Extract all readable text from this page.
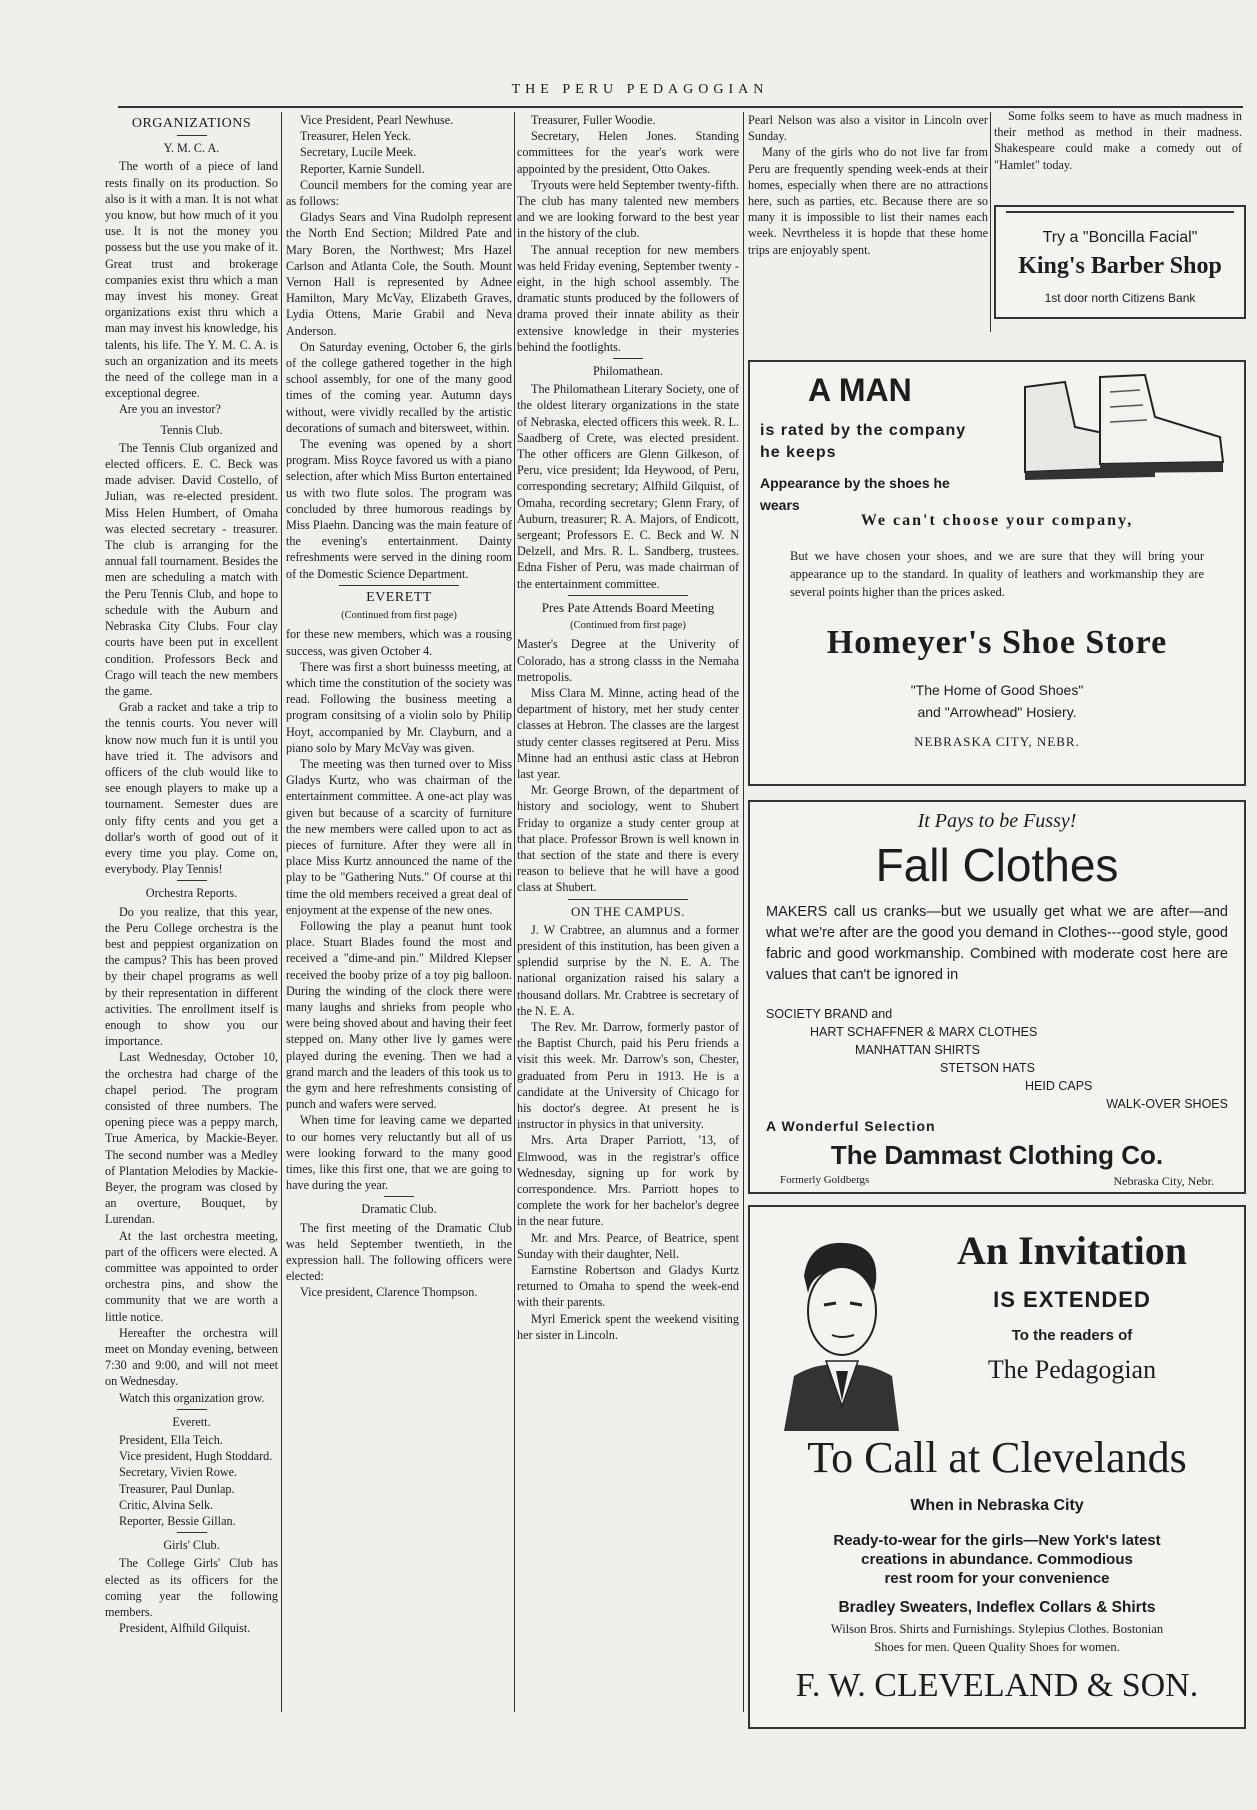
THE PERU PEDAGOGIAN

ORGANIZATIONS

Y. M. C. A.

The worth of a piece of land rests finally on its production. So also is it with a man. It is not what you know, but how much of it you use. It is not the money you possess but the use you make of it. Great trust and brokerage companies exist thru which a man may invest his money. Great organizations exist thru which a man may invest his knowledge, his talents, his life. The Y. M. C. A. is such an organization and its meets the need of the college man in a exceptional degree.

Are you an investor?

Tennis Club.

The Tennis Club organized and elected officers. E. C. Beck was made adviser. David Costello, of Julian, was re-elected president. Miss Helen Humbert, of Omaha was elected secretary - treasurer. The club is arranging for the annual fall tournament. Besides the men are scheduling a match with the Peru Tennis Club, and hope to schedule with the Auburn and Nebraska City Clubs. Four clay courts have been put in excellent condition. Professors Beck and Crago will teach the new members the game.

Grab a racket and take a trip to the tennis courts. You never will know now much fun it is until you have tried it. The advisors and officers of the club would like to see enough players to make up a tournament. Semester dues are only fifty cents and you get a dollar's worth of good out of it every time you play. Come on, everybody. Play Tennis!

Orchestra Reports.

Do you realize, that this year, the Peru College orchestra is the best and peppiest organization on the campus? This has been proved by their chapel programs as well by their representation in different activities. The enrollment itself is enough to show you our importance.

Last Wednesday, October 10, the orchestra had charge of the chapel period. The program consisted of three numbers. The opening piece was a peppy march, True America, by Mackie-Beyer. The second number was a Medley of Plantation Melodies by Mackie-Beyer, the program was closed by an overture, Bouquet, by Lurendan.

At the last orchestra meeting, part of the officers were elected. A committee was appointed to order orchestra pins, and show the community that we are worth a little notice.

Hereafter the orchestra will meet on Monday evening, between 7:30 and 9:00, and will not meet on Wednesday.

Watch this organization grow.

Everett.

President, Ella Teich.

Vice president, Hugh Stoddard.

Secretary, Vivien Rowe.

Treasurer, Paul Dunlap.

Critic, Alvina Selk.

Reporter, Bessie Gillan.

Girls' Club.

The College Girls' Club has elected as its officers for the coming year the following members.

President, Alfhild Gilquist.

Vice President, Pearl Newhuse.

Treasurer, Helen Yeck.

Secretary, Lucile Meek.

Reporter, Karnie Sundell.

Council members for the coming year are as follows:

Gladys Sears and Vina Rudolph represent the North End Section; Mildred Pate and Mary Boren, the Northwest; Mrs Hazel Carlson and Atlanta Cole, the South. Mount Vernon Hall is represented by Adnee Hamilton, Mary McVay, Elizabeth Graves, Lydia Ottens, Marie Grabil and Neva Anderson.

On Saturday evening, October 6, the girls of the college gathered together in the high school assembly, for one of the many good times of the coming year. Autumn days without, were vividly recalled by the artistic decorations of sumach and bitersweet, within.

The evening was opened by a short program. Miss Royce favored us with a piano selection, after which Miss Burton entertained us with two flute solos. The program was concluded by three humorous readings by Miss Plaehn. Dancing was the main feature of the evening's entertainment. Dainty refreshments were served in the dining room of the Domestic Science Department.

EVERETT

(Continued from first page)

for these new members, which was a rousing success, was given October 4.

There was first a short buinesss meeting, at which time the constitution of the society was read. Following the business meeting a program consitsing of a violin solo by Philip Hoyt, accompanied by Mr. Clayburn, and a piano solo by Mary McVay was given.

The meeting was then turned over to Miss Gladys Kurtz, who was chairman of the entertainment committee. A one-act play was given but because of a scarcity of furniture the new members were called upon to act as pieces of furniture. After they were all in place Miss Kurtz announced the name of the play to be "Gathering Nuts." Of course at thi time the old members received a great deal of enjoyment at the expense of the new ones.

Following the play a peanut hunt took place. Stuart Blades found the most and received a "dime-and pin." Mildred Klepser received the booby prize of a toy pig balloon. During the winding of the clock there were many laughs and shrieks from people who were being shoved about and having their feet stepped on. Many other live ly games were played during the evening. Then we had a grand march and the leaders of this took us to the gym and here refreshments consisting of punch and wafers were served.

When time for leaving came we departed to our homes very reluctantly but all of us were looking forward to the many good times, like this first one, that we are going to have during the year.

Dramatic Club.

The first meeting of the Dramatic Club was held September twentieth, in the expression hall. The following officers were elected:

Vice president, Clarence Thompson.

Treasurer, Fuller Woodie.

Secretary, Helen Jones. Standing committees for the year's work were appointed by the president, Otto Oakes.

Tryouts were held September twenty-fifth. The club has many talented new members and we are looking forward to the best year in the history of the club.

The annual reception for new members was held Friday evening, September twenty - eight, in the high school assembly. The dramatic stunts produced by the followers of drama proved their innate ability as their extensive knowledge in their mysteries behind the footlights.

Philomathean.

The Philomathean Literary Society, one of the oldest literary organizations in the state of Nebraska, elected officers this week. R. L. Saadberg of Crete, was elected president. The other officers are Glenn Gilkeson, of Peru, vice president; Ida Heywood, of Peru, corresponding secretary; Alfhild Gilquist, of Omaha, recording secretary; Glenn Frary, of Auburn, treasurer; R. A. Majors, of Endicott, sergeant; Professors E. C. Beck and W. N Delzell, and Mrs. R. L. Sandberg, trustees. Edna Fisher of Peru, was made chairman of the entertainment committee.

Pres Pate Attends Board Meeting

(Continued from first page)

Master's Degree at the Univerity of Colorado, has a strong classs in the Nemaha metropolis.

Miss Clara M. Minne, acting head of the department of history, met her study center classes at Hebron. The classes are the largest study center classes regitsered at Peru. Miss Minne had an enthusi astic class at Hebron last year.

Mr. George Brown, of the department of history and sociology, went to Shubert Friday to organize a study center group at that place. Professor Brown is well known in that section of the state and there is every reason to believe that he will have a good class at Shubert.

ON THE CAMPUS.

J. W Crabtree, an alumnus and a former president of this institution, has been given a splendid surprise by the N. E. A. The national organization raised his salary a thousand dollars. Mr. Crabtree is secretary of the N. E. A.

The Rev. Mr. Darrow, formerly pastor of the Baptist Church, paid his Peru friends a visit this week. Mr. Darrow's son, Chester, graduated from Peru in 1913. He is a candidate at the University of Chicago for his doctor's degree. At present he is instructor in physics in that university.

Mrs. Arta Draper Parriott, '13, of Elmwood, was in the registrar's office Wednesday, signing up for work by correspondence. Mrs. Parriott hopes to complete the work for her bachelor's degree in the near future.

Mr. and Mrs. Pearce, of Beatrice, spent Sunday with their daughter, Nell.

Earnstine Robertson and Gladys Kurtz returned to Omaha to spend the week-end with their parents.

Myrl Emerick spent the weekend visiting her sister in Lincoln.

Pearl Nelson was also a visitor in Lincoln over Sunday.

Many of the girls who do not live far from Peru are frequently spending week-ends at their homes, especially when there are no attractions here, such as parties, etc. Because there are so many it is impossible to list their names each week. Nevrtheless it is hopde that these home trips are enjoyably spent.

Some folks seem to have as much madness in their method as method in their madness. Shakespeare could make a comedy out of "Hamlet" today.

Try a "Boncilla Facial"
King's Barber Shop
1st door north Citizens Bank
A MAN
is rated by the company
he keeps
Appearance by the shoes he wears
We can't choose your company,
But we have chosen your shoes, and we are sure that they will bring your appearance up to the standard. In quality of leathers and workmanship they are several points higher than the prices asked.
Homeyer's Shoe Store
"The Home of Good Shoes"
and "Arrowhead" Hosiery.
NEBRASKA CITY, NEBR.
It Pays to be Fussy!
Fall Clothes
MAKERS call us cranks—but we usually get what we are after—and what we're after are the good you demand in Clothes---good style, good fabric and good workmanship. Combined with moderate cost here are values that can't be ignored in
SOCIETY BRAND and
HART SCHAFFNER & MARX CLOTHES
MANHATTAN SHIRTS
STETSON HATS
HEID CAPS
WALK-OVER SHOES
A Wonderful Selection
The Dammast Clothing Co.
Formerly Goldbergs	Nebraska City, Nebr.
An Invitation
IS EXTENDED
To the readers of
The Pedagogian
To Call at Clevelands
When in Nebraska City
Ready-to-wear for the girls—New York's latest
creations in abundance. Commodious
rest room for your convenience
Bradley Sweaters, Indeflex Collars & Shirts
Wilson Bros. Shirts and Furnishings. Stylepius Clothes. Bostonian
Shoes for men. Queen Quality Shoes for women.
F. W. CLEVELAND & SON.
